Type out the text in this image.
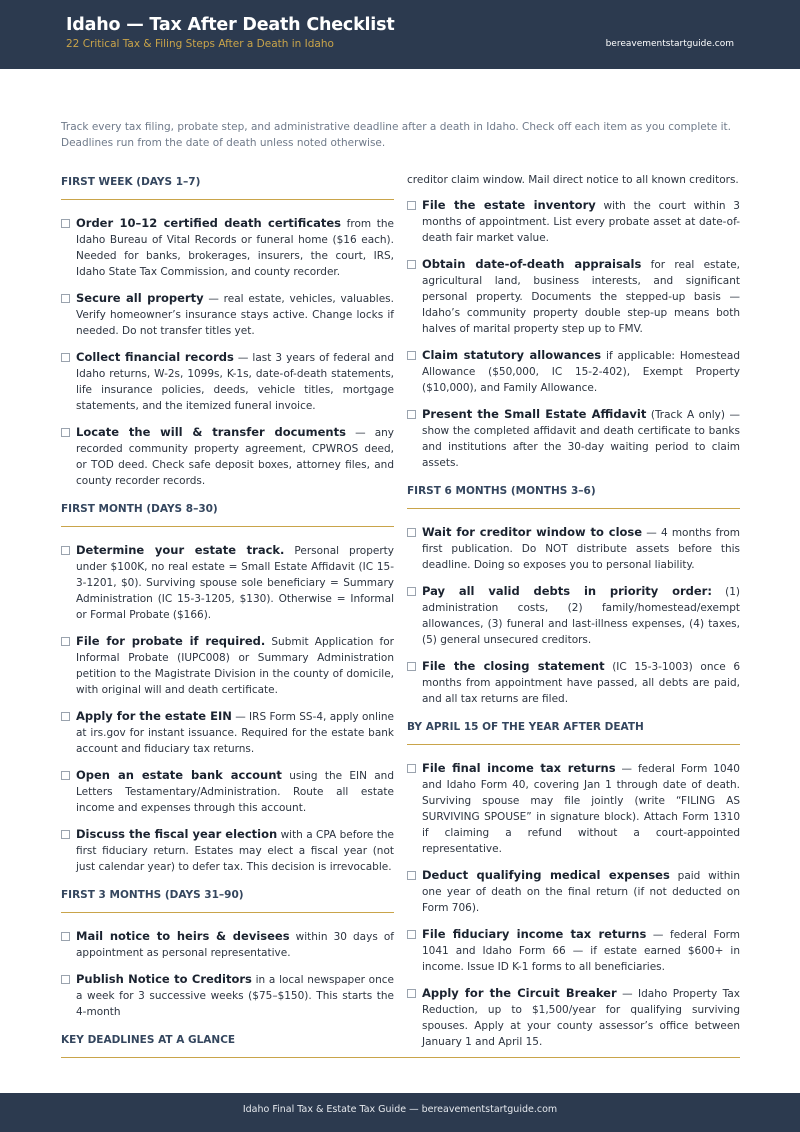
Idaho — Tax After Death Checklist
22 Critical Tax & Filing Steps After a Death in Idaho	bereavementstartguide.com
Track every tax filing, probate step, and administrative deadline after a death in Idaho. Check off each item as you complete it. Deadlines run from the date of death unless noted otherwise.
FIRST WEEK (DAYS 1–7)
Order 10–12 certified death certificates from the Idaho Bureau of Vital Records or funeral home ($16 each). Needed for banks, brokerages, insurers, the court, IRS, Idaho State Tax Commission, and county recorder.
Secure all property — real estate, vehicles, valuables. Verify homeowner’s insurance stays active. Change locks if needed. Do not transfer titles yet.
Collect financial records — last 3 years of federal and Idaho returns, W-2s, 1099s, K-1s, date-of-death statements, life insurance policies, deeds, vehicle titles, mortgage statements, and the itemized funeral invoice.
Locate the will & transfer documents — any recorded community property agreement, CPWROS deed, or TOD deed. Check safe deposit boxes, attorney files, and county recorder records.
FIRST MONTH (DAYS 8–30)
Determine your estate track. Personal property under $100K, no real estate = Small Estate Affidavit (IC 15-3-1201, $0). Surviving spouse sole beneficiary = Summary Administration (IC 15-3-1205, $130). Otherwise = Informal or Formal Probate ($166).
File for probate if required. Submit Application for Informal Probate (IUPC008) or Summary Administration petition to the Magistrate Division in the county of domicile, with original will and death certificate.
Apply for the estate EIN — IRS Form SS-4, apply online at irs.gov for instant issuance. Required for the estate bank account and fiduciary tax returns.
Open an estate bank account using the EIN and Letters Testamentary/Administration. Route all estate income and expenses through this account.
Discuss the fiscal year election with a CPA before the first fiduciary return. Estates may elect a fiscal year (not just calendar year) to defer tax. This decision is irrevocable.
FIRST 3 MONTHS (DAYS 31–90)
Mail notice to heirs & devisees within 30 days of appointment as personal representative.
Publish Notice to Creditors in a local newspaper once a week for 3 successive weeks ($75–$150). This starts the 4-month
creditor claim window. Mail direct notice to all known creditors.
File the estate inventory with the court within 3 months of appointment. List every probate asset at date-of-death fair market value.
Obtain date-of-death appraisals for real estate, agricultural land, business interests, and significant personal property. Documents the stepped-up basis — Idaho’s community property double step-up means both halves of marital property step up to FMV.
Claim statutory allowances if applicable: Homestead Allowance ($50,000, IC 15-2-402), Exempt Property ($10,000), and Family Allowance.
Present the Small Estate Affidavit (Track A only) — show the completed affidavit and death certificate to banks and institutions after the 30-day waiting period to claim assets.
FIRST 6 MONTHS (MONTHS 3–6)
Wait for creditor window to close — 4 months from first publication. Do NOT distribute assets before this deadline. Doing so exposes you to personal liability.
Pay all valid debts in priority order: (1) administration costs, (2) family/homestead/exempt allowances, (3) funeral and last-illness expenses, (4) taxes, (5) general unsecured creditors.
File the closing statement (IC 15-3-1003) once 6 months from appointment have passed, all debts are paid, and all tax returns are filed.
BY APRIL 15 OF THE YEAR AFTER DEATH
File final income tax returns — federal Form 1040 and Idaho Form 40, covering Jan 1 through date of death. Surviving spouse may file jointly (write “FILING AS SURVIVING SPOUSE” in signature block). Attach Form 1310 if claiming a refund without a court-appointed representative.
Deduct qualifying medical expenses paid within one year of death on the final return (if not deducted on Form 706).
File fiduciary income tax returns — federal Form 1041 and Idaho Form 66 — if estate earned $600+ in income. Issue ID K-1 forms to all beneficiaries.
Apply for the Circuit Breaker — Idaho Property Tax Reduction, up to $1,500/year for qualifying surviving spouses. Apply at your county assessor’s office between January 1 and April 15.
KEY DEADLINES AT A GLANCE
Idaho Final Tax & Estate Tax Guide — bereavementstartguide.com
